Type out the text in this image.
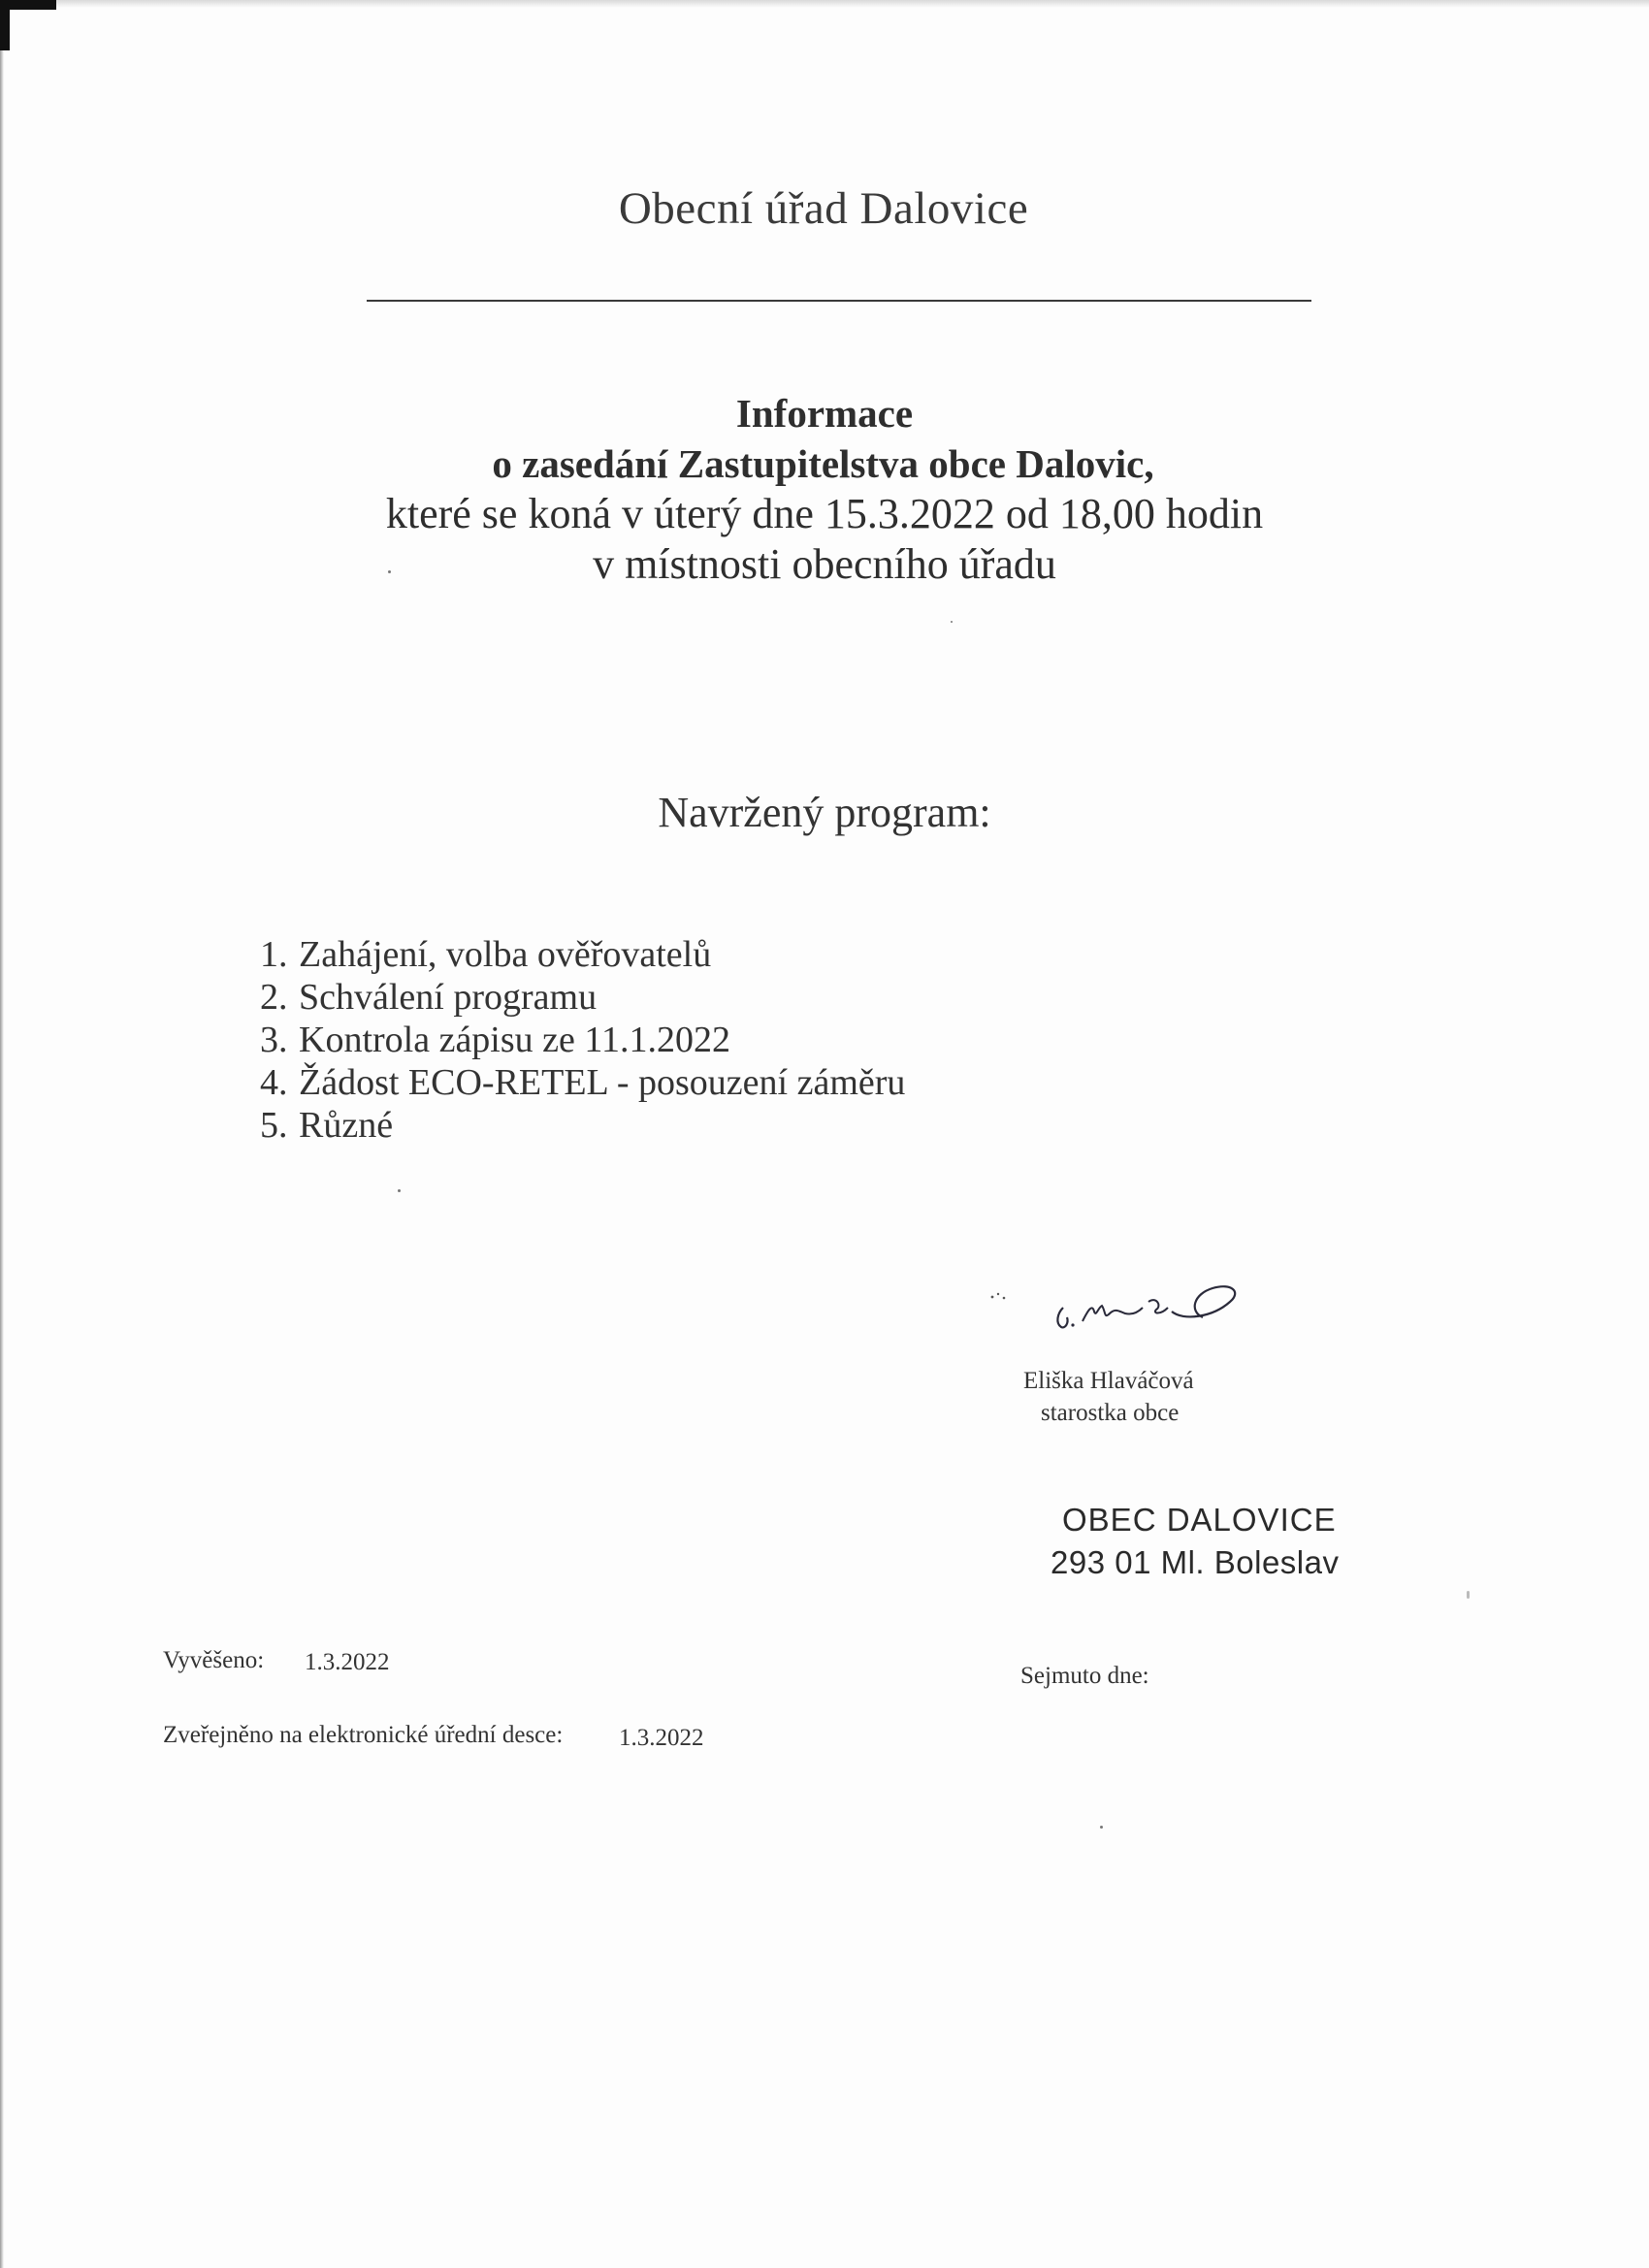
Obecní úřad Dalovice
Informace
o zasedání Zastupitelstva obce Dalovic,
které se koná v úterý dne 15.3.2022 od 18,00 hodin
v místnosti obecního úřadu
Navržený program:
1. Zahájení, volba ověřovatelů
2. Schválení programu
3. Kontrola zápisu ze 11.1.2022
4. Žádost ECO-RETEL - posouzení záměru
5. Různé
Eliška Hlaváčová
starostka obce
OBEC DALOVICE
293 01 Ml. Boleslav
Vyvěšeno: 1.3.2022
Sejmuto dne:
Zveřejněno na elektronické úřední desce: 1.3.2022
